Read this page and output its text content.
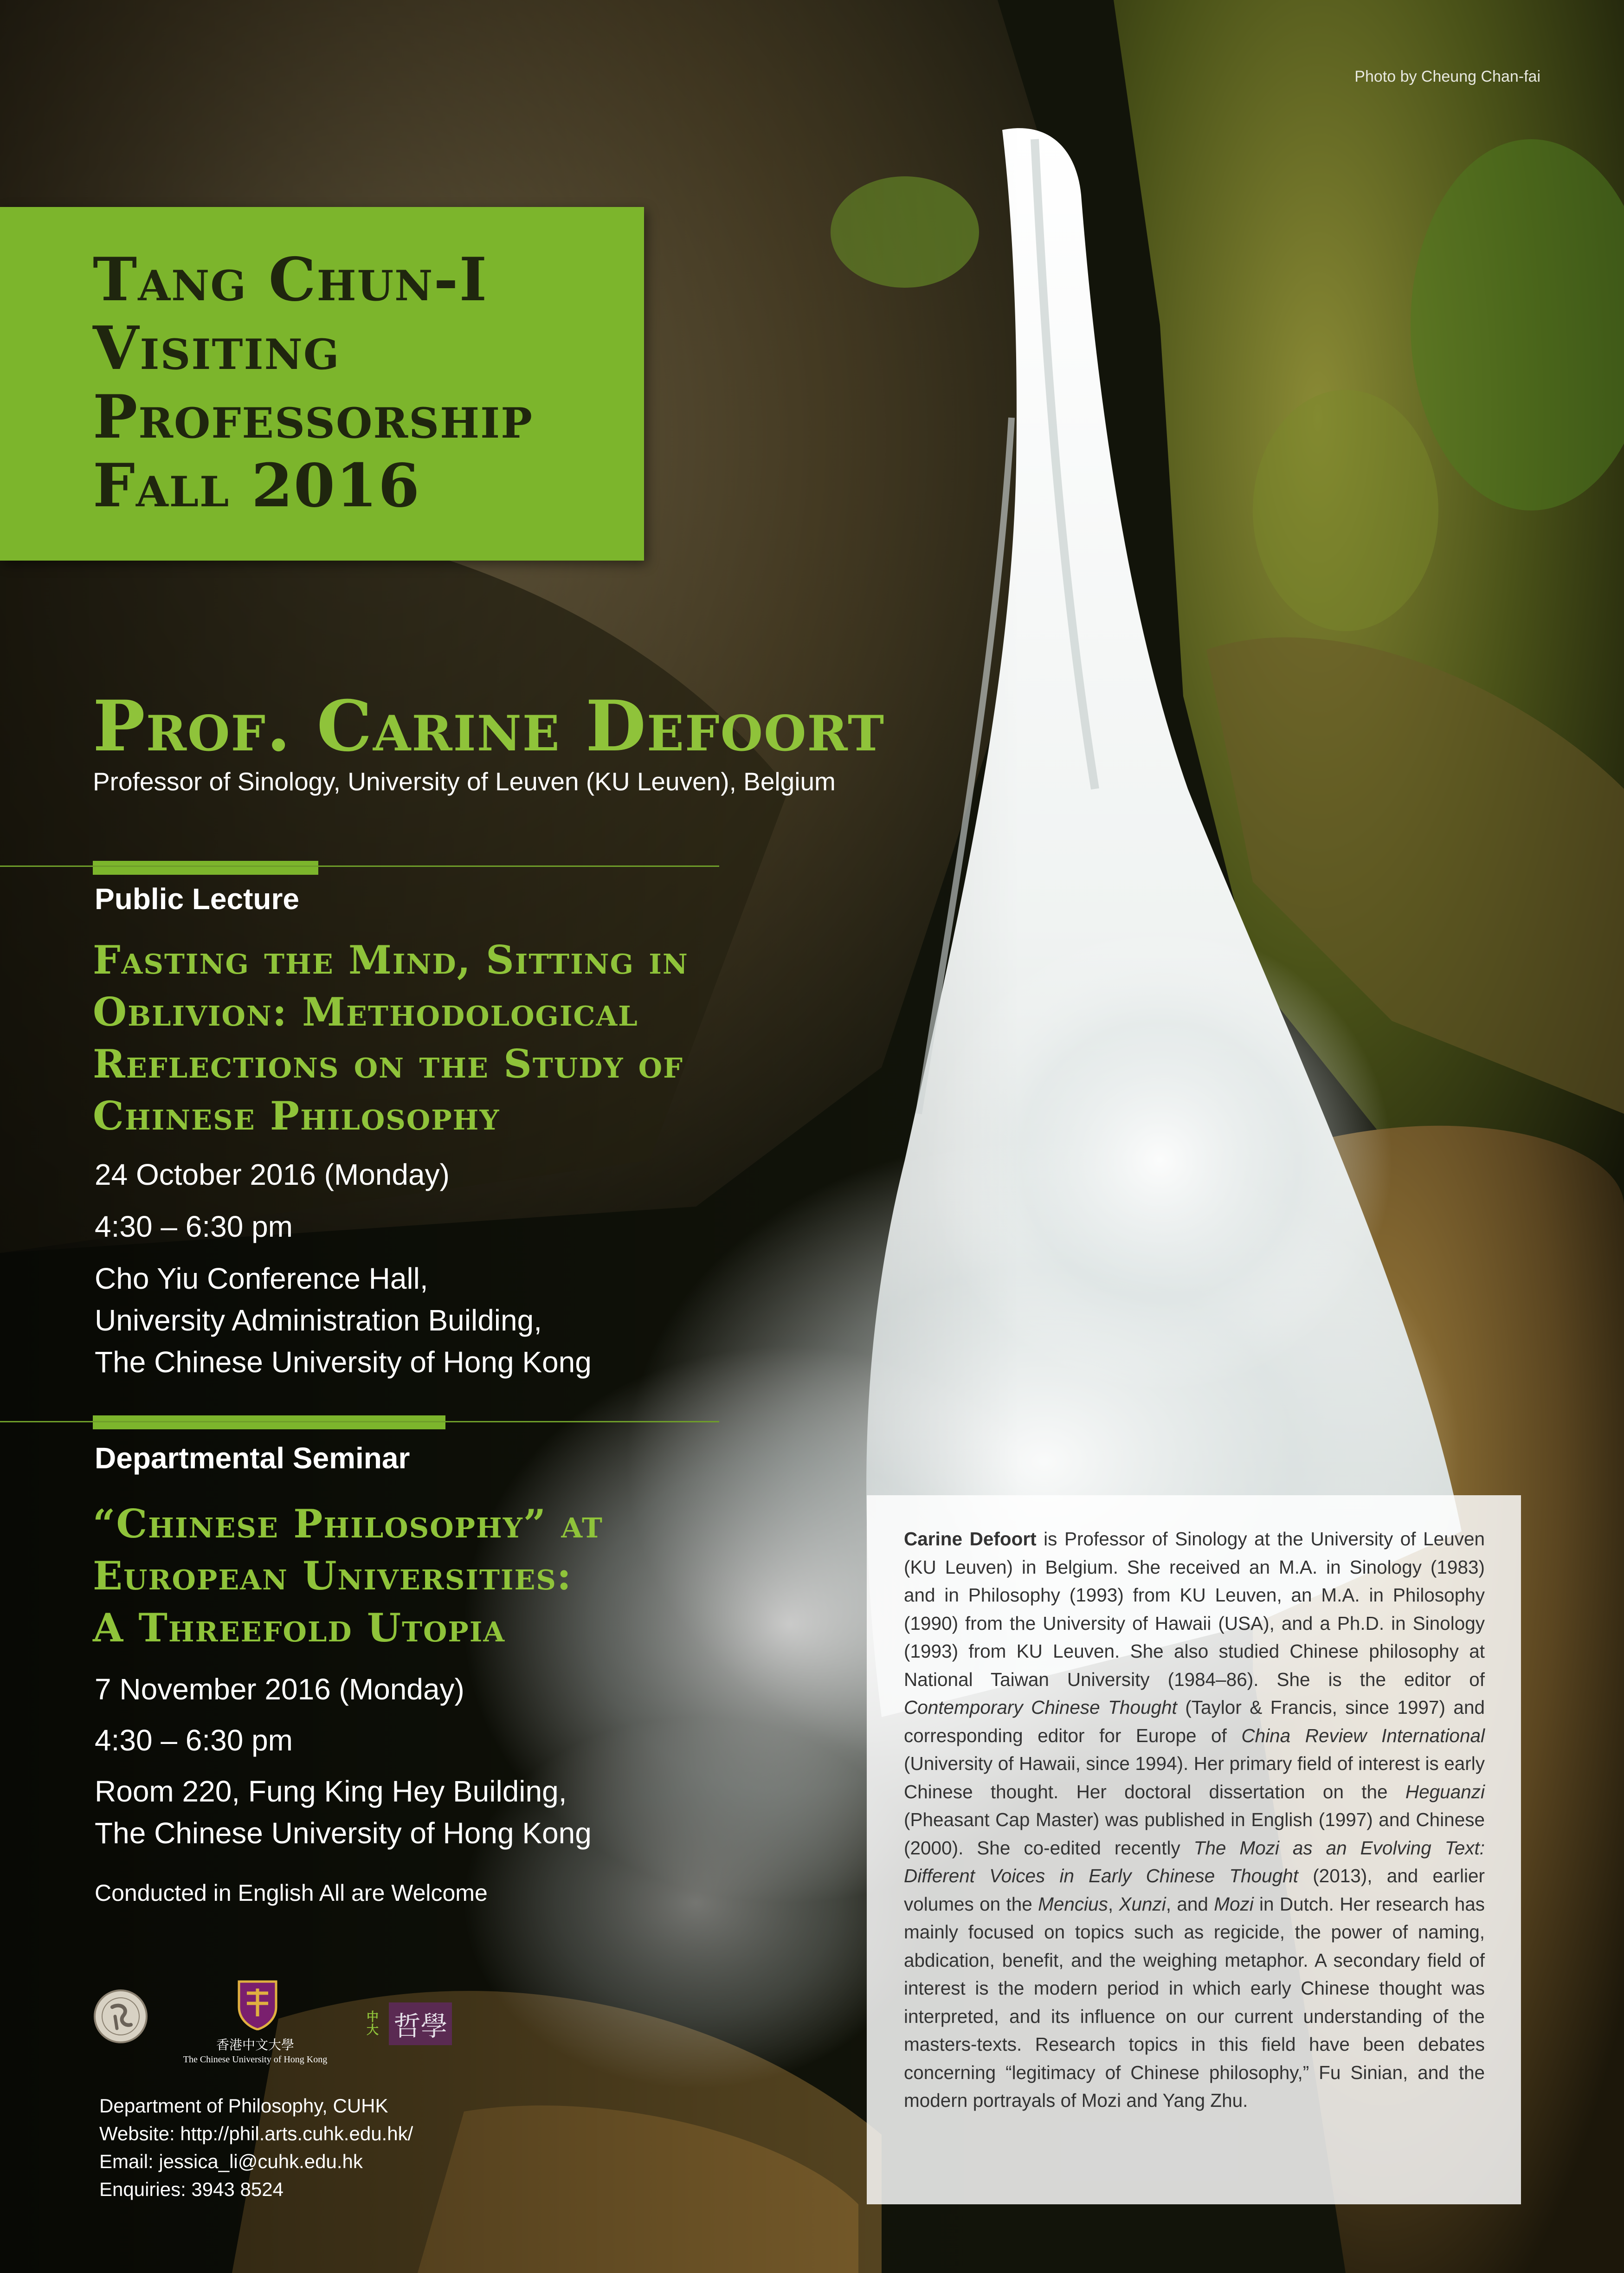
Photo by Cheung Chan-fai
Tang Chun-I
Visiting
Professorship
Fall 2016
Prof. Carine Defoort
Professor of Sinology, University of Leuven (KU Leuven), Belgium
Public Lecture
Fasting the Mind, Sitting in
Oblivion: Methodological
Reflections on the Study of
Chinese Philosophy
24 October 2016 (Monday)
4:30 – 6:30 pm
Cho Yiu Conference Hall,
University Administration Building,
The Chinese University of Hong Kong
Departmental Seminar
“Chinese Philosophy” at
European Universities:
A Threefold Utopia
7 November 2016 (Monday)
4:30 – 6:30 pm
Room 220, Fung King Hey Building,
The Chinese University of Hong Kong
Conducted in English All are Welcome
香港中文大學
The Chinese University of Hong Kong
中大 哲學
Department of Philosophy, CUHK
Website: http://phil.arts.cuhk.edu.hk/
Email: jessica_li@cuhk.edu.hk
Enquiries: 3943 8524
Carine Defoort is Professor of Sinology at the University of Leuven (KU Leuven) in Belgium. She received an M.A. in Sinology (1983) and in Philosophy (1993) from KU Leuven, an M.A. in Philosophy (1990) from the University of Hawaii (USA), and a Ph.D. in Sinology (1993) from KU Leuven. She also studied Chinese philosophy at National Taiwan University (1984–86). She is the editor of Contemporary Chinese Thought (Taylor & Francis, since 1997) and corresponding editor for Europe of China Review International (University of Hawaii, since 1994). Her primary field of interest is early Chinese thought. Her doctoral dissertation on the Heguanzi (Pheasant Cap Master) was published in English (1997) and Chinese (2000). She co-edited recently The Mozi as an Evolving Text: Different Voices in Early Chinese Thought (2013), and earlier volumes on the Mencius, Xunzi, and Mozi in Dutch. Her research has mainly focused on topics such as regicide, the power of naming, abdication, benefit, and the weighing metaphor. A secondary field of interest is the modern period in which early Chinese thought was interpreted, and its influence on our current understanding of the masters-texts. Research topics in this field have been debates concerning “legitimacy of Chinese philosophy,” Fu Sinian, and the modern portrayals of Mozi and Yang Zhu.
